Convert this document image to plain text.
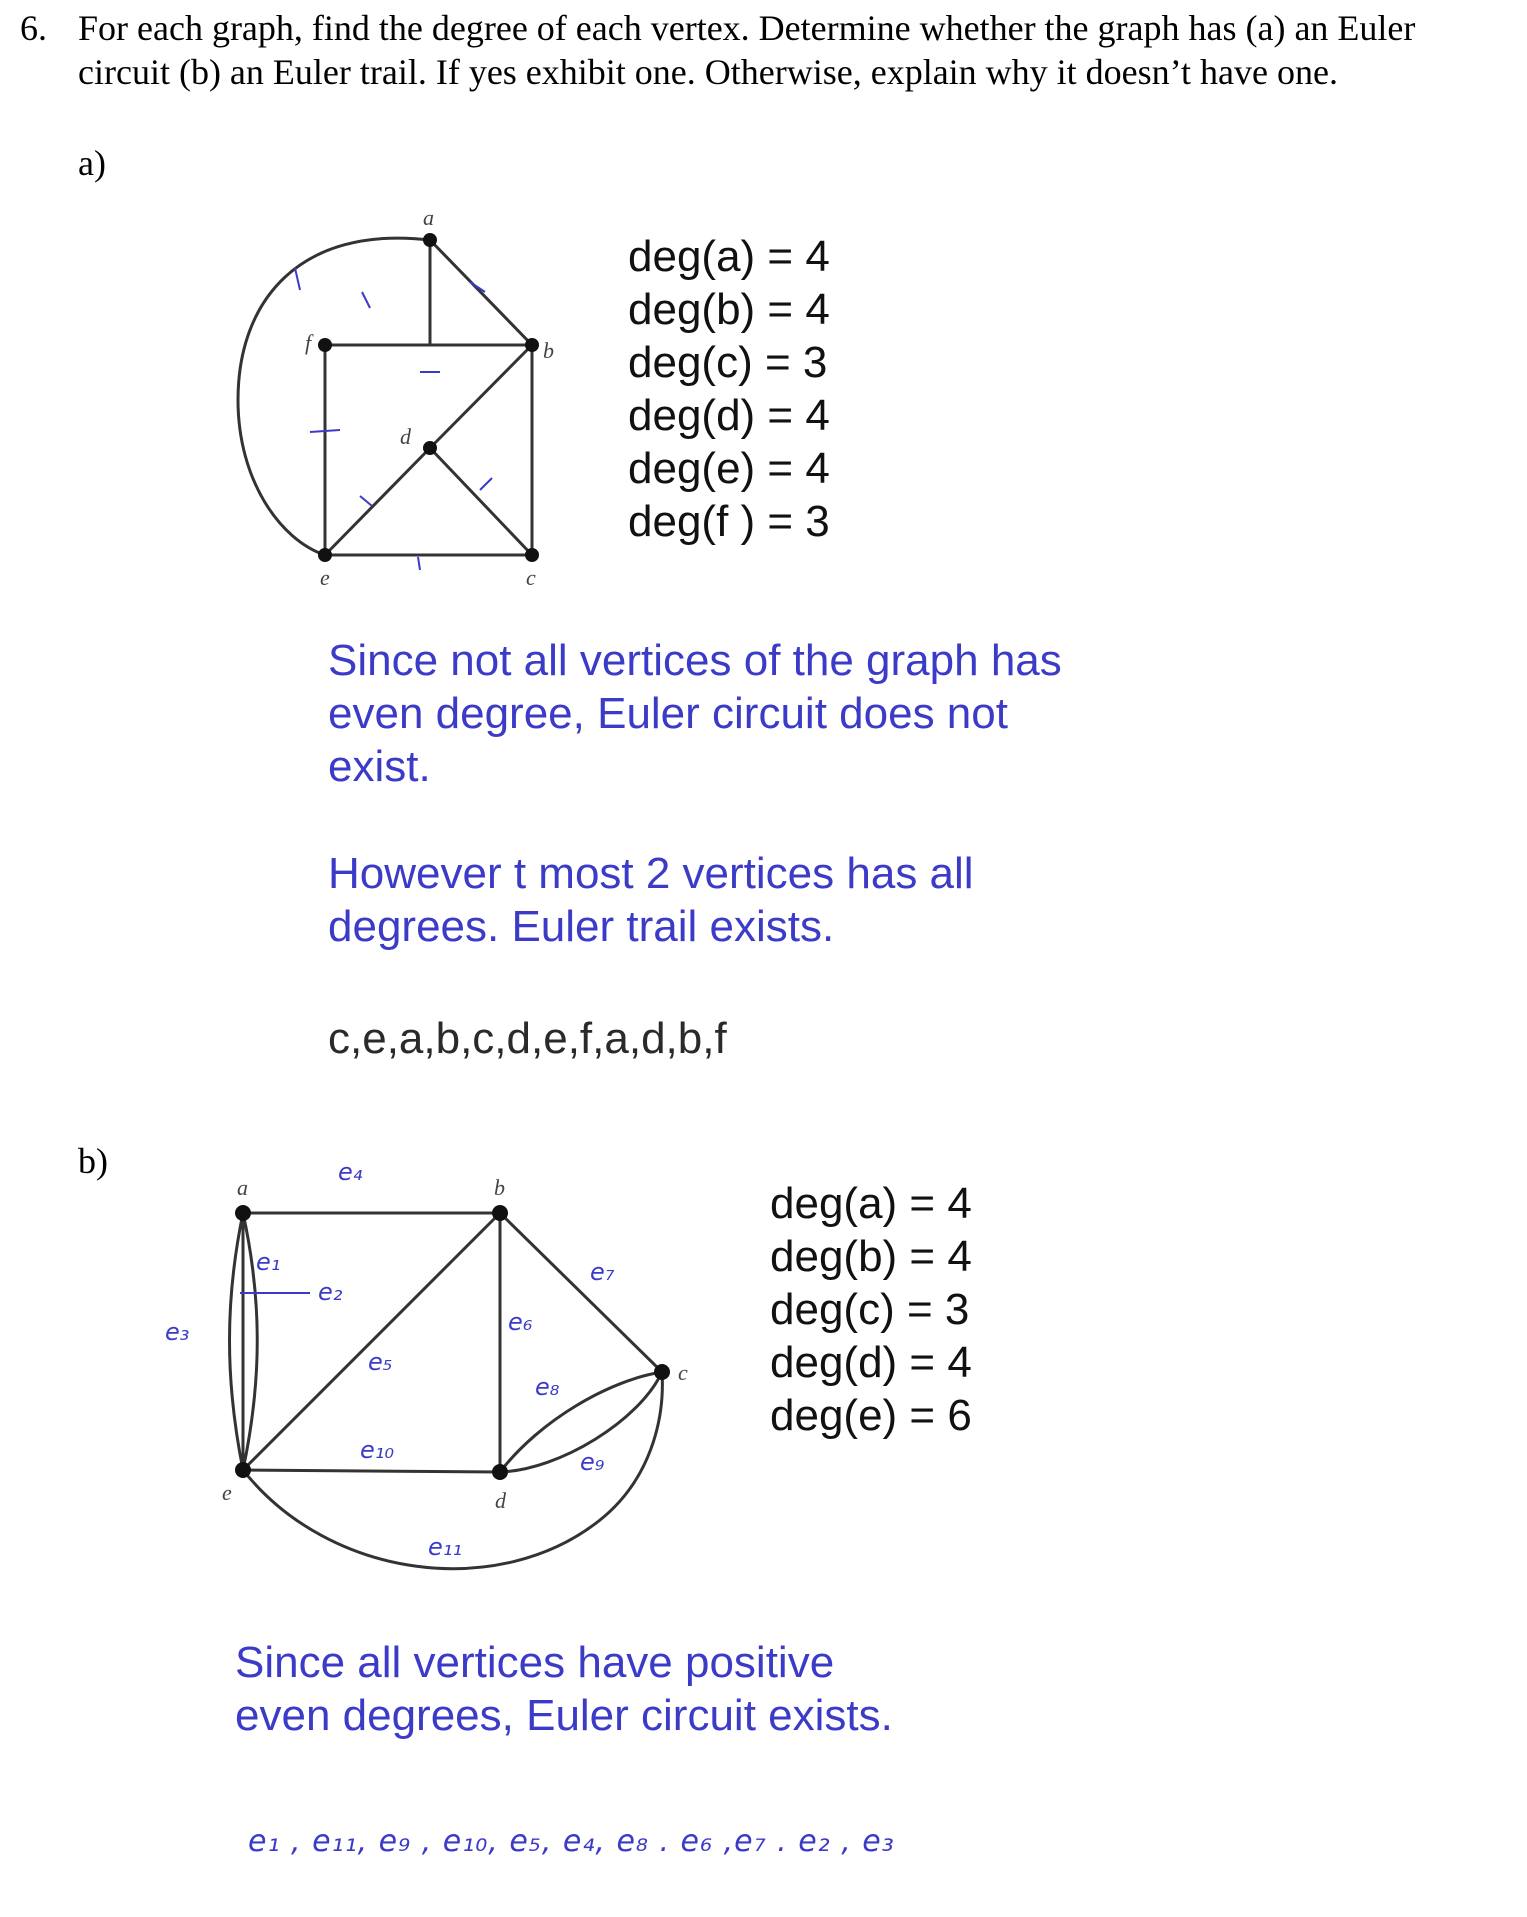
6. For each graph, find the degree of each vertex. Determine whether the graph has (a) an Euler circuit (b) an Euler trail. If yes exhibit one. Otherwise, explain why it doesn’t have one.
a)
a
b
c
d
e
f
deg(a) = 4
deg(b) = 4
deg(c) = 3
deg(d) = 4
deg(e) = 4
deg(f ) = 3
Since not all vertices of the graph has even degree, Euler circuit does not exist.
However t most 2 vertices has all degrees. Euler trail exists.
c,e,a,b,c,d,e,f,a,d,b,f
b)
a	b
c
d
e
e₁
e₂
e₃
e₄
e₅
e₆
e₇
e₈
e₉
e₁₀
e₁₁
deg(a) = 4
deg(b) = 4
deg(c) = 3
deg(d) = 4
deg(e) = 6
Since all vertices have positive even degrees, Euler circuit exists.
e₁ , e₁₁, e₉ , e₁₀, e₅, e₄, e₈ . e₆ ,e₇ . e₂ , e₃
